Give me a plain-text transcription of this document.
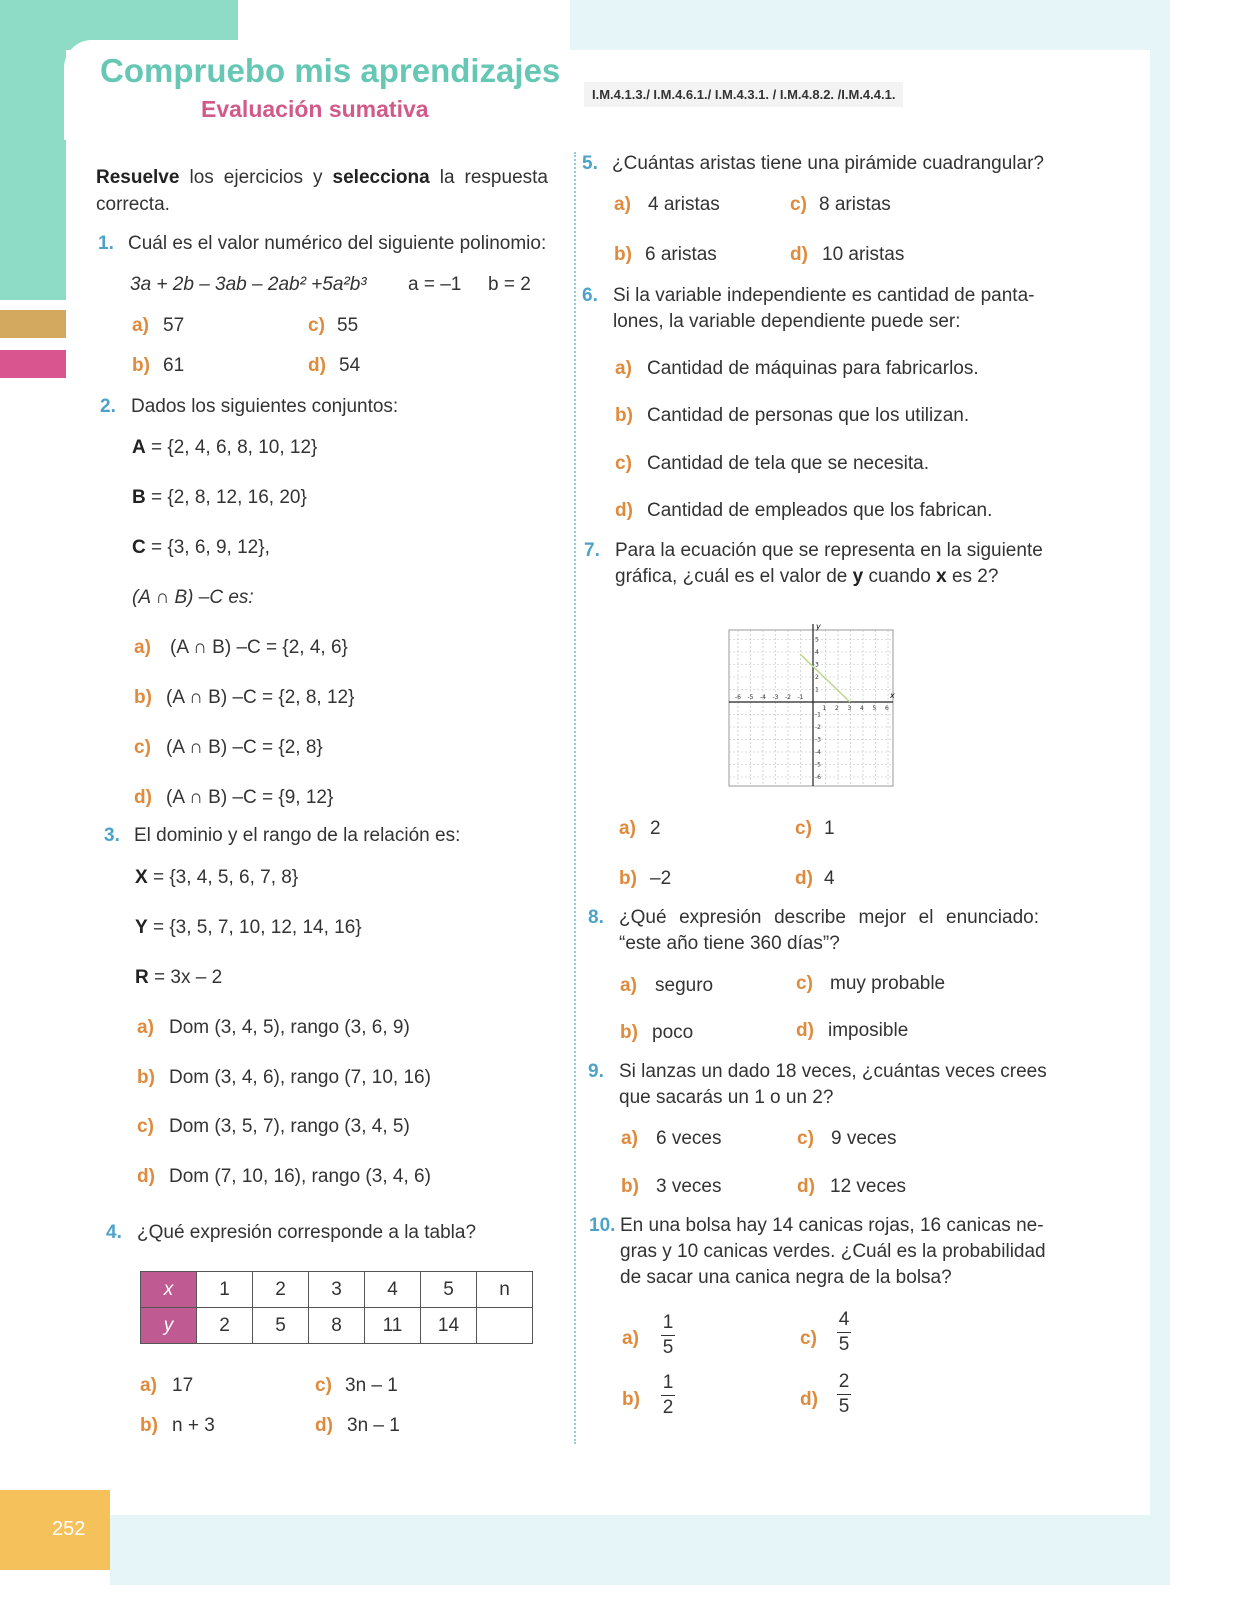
252
Compruebo mis aprendizajes
Evaluación sumativa
I.M.4.1.3./ I.M.4.6.1./ I.M.4.3.1. / I.M.4.8.2. /I.M.4.4.1.
Resuelve los ejercicios y selecciona la respuesta correcta.
1. Cuál es el valor numérico del siguiente polinomio:
3a + 2b – 3ab – 2ab² +5a²b³ a = –1 b = 2
a) 57
b) 61
c) 55
d) 54
2. Dados los siguientes conjuntos:
A = {2, 4, 6, 8, 10, 12}
B = {2, 8, 12, 16, 20}
C = {3, 6, 9, 12},
(A ∩ B) –C es:
a) (A ∩ B) –C = {2, 4, 6}
b) (A ∩ B) –C = {2, 8, 12}
c) (A ∩ B) –C = {2, 8}
d) (A ∩ B) –C = {9, 12}
3. El dominio y el rango de la relación es:
X = {3, 4, 5, 6, 7, 8}
Y = {3, 5, 7, 10, 12, 14, 16}
R = 3x – 2
a) Dom (3, 4, 5), rango (3, 6, 9)
b) Dom (3, 4, 6), rango (7, 10, 16)
c) Dom (3, 5, 7), rango (3, 4, 5)
d) Dom (7, 10, 16), rango (3, 4, 6)
4. ¿Qué expresión corresponde a la tabla?
x	1	2	3	4	5	n
y	2	5	8	11	14	
a) 17
b) n + 3
c) 3n – 1
d) 3n – 1
5. ¿Cuántas aristas tiene una pirámide cuadrangular?
a) 4 aristas
b) 6 aristas
c) 8 aristas
d) 10 aristas
6. Si la variable independiente es cantidad de panta-
lones, la variable dependiente puede ser:
a) Cantidad de máquinas para fabricarlos.
b) Cantidad de personas que los utilizan.
c) Cantidad de tela que se necesita.
d) Cantidad de empleados que los fabrican.
7. Para la ecuación que se representa en la siguiente
gráfica, ¿cuál es el valor de y cuando x es 2?
x
y
-6 -5 -4 -3 -2 -1
1 2 3 4 5 6
5
4
3
2
1
-1
-2
-3
-4
-5
-6
a) 2
b) –2
c) 1
d) 4
8. ¿Qué expresión describe mejor el enunciado:
“este año tiene 360 días”?
a) seguro
b) poco
c) muy probable
d) imposible
9. Si lanzas un dado 18 veces, ¿cuántas veces crees
que sacarás un 1 o un 2?
a) 6 veces
b) 3 veces
c) 9 veces
d) 12 veces
10. En una bolsa hay 14 canicas rojas, 16 canicas ne-
gras y 10 canicas verdes. ¿Cuál es la probabilidad
de sacar una canica negra de la bolsa?
a)
1
5
b)
1
2
c)
4
5
d)
2
5
